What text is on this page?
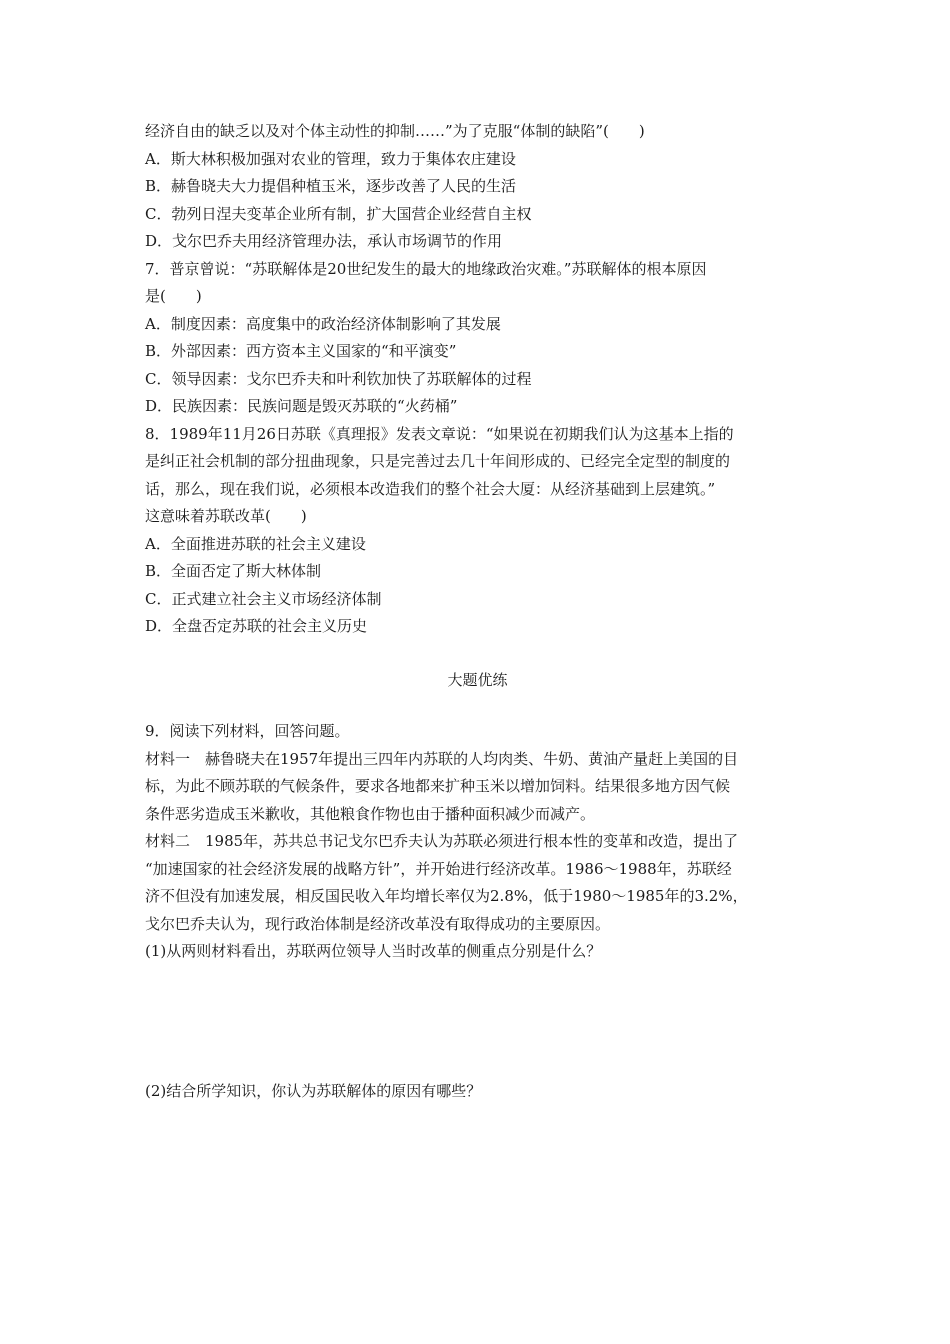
经济自由的缺乏以及对个体主动性的抑制……”为了克服“体制的缺陷”(　　)

A．斯大林积极加强对农业的管理，致力于集体农庄建设

B．赫鲁晓夫大力提倡种植玉米，逐步改善了人民的生活

C．勃列日涅夫变革企业所有制，扩大国营企业经营自主权

D．戈尔巴乔夫用经济管理办法，承认市场调节的作用

7．普京曾说：“苏联解体是20世纪发生的最大的地缘政治灾难。”苏联解体的根本原因

是(　　)

A．制度因素：高度集中的政治经济体制影响了其发展

B．外部因素：西方资本主义国家的“和平演变”

C．领导因素：戈尔巴乔夫和叶利钦加快了苏联解体的过程

D．民族因素：民族问题是毁灭苏联的“火药桶”

8．1989年11月26日苏联《真理报》发表文章说：“如果说在初期我们认为这基本上指的

是纠正社会机制的部分扭曲现象，只是完善过去几十年间形成的、已经完全定型的制度的

话，那么，现在我们说，必须根本改造我们的整个社会大厦：从经济基础到上层建筑。”

这意味着苏联改革(　　)

A．全面推进苏联的社会主义建设

B．全面否定了斯大林体制

C．正式建立社会主义市场经济体制

D．全盘否定苏联的社会主义历史

大题优练

9．阅读下列材料，回答问题。

材料一　赫鲁晓夫在1957年提出三四年内苏联的人均肉类、牛奶、黄油产量赶上美国的目

标，为此不顾苏联的气候条件，要求各地都来扩种玉米以增加饲料。结果很多地方因气候

条件恶劣造成玉米歉收，其他粮食作物也由于播种面积减少而减产。

材料二　1985年，苏共总书记戈尔巴乔夫认为苏联必须进行根本性的变革和改造，提出了

“加速国家的社会经济发展的战略方针”，并开始进行经济改革。1986～1988年，苏联经

济不但没有加速发展，相反国民收入年均增长率仅为2.8%，低于1980～1985年的3.2%，

戈尔巴乔夫认为，现行政治体制是经济改革没有取得成功的主要原因。

(1)从两则材料看出，苏联两位领导人当时改革的侧重点分别是什么？

(2)结合所学知识，你认为苏联解体的原因有哪些？
